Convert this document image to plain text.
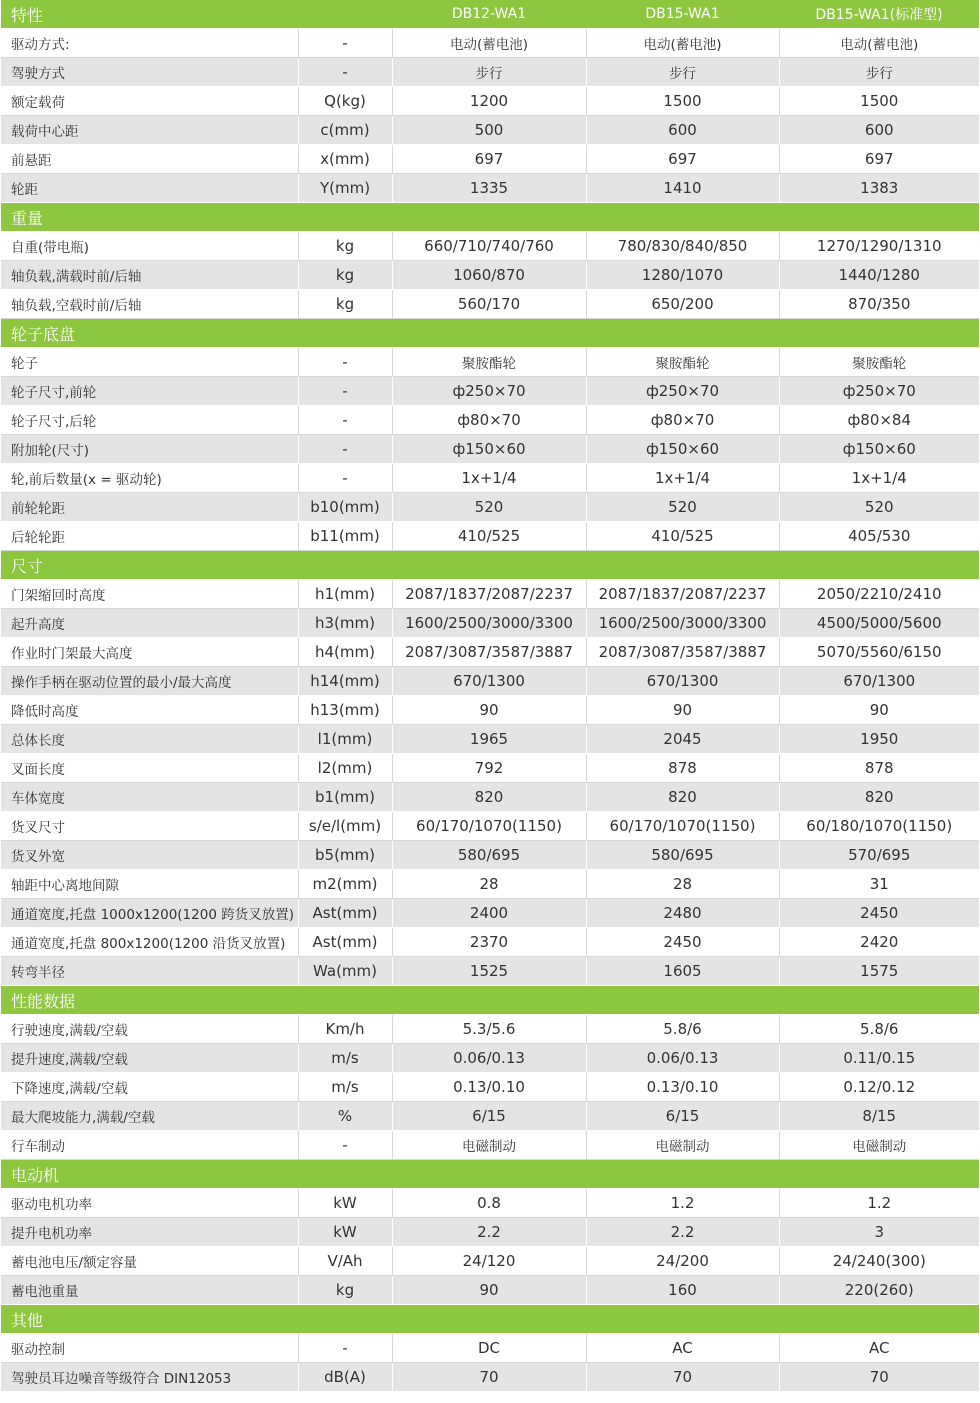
特性		DB12-WA1	DB15-WA1	DB15-WA1(标准型)
驱动方式:	-	电动(蓄电池)	电动(蓄电池)	电动(蓄电池)
驾驶方式	-	步行	步行	步行
额定载荷	Q(kg)	1200	1500	1500
载荷中心距	c(mm)	500	600	600
前悬距	x(mm)	697	697	697
轮距	Y(mm)	1335	1410	1383
重量				
自重(带电瓶)	kg	660/710/740/760	780/830/840/850	1270/1290/1310
轴负载,满载时前/后轴	kg	1060/870	1280/1070	1440/1280
轴负载,空载时前/后轴	kg	560/170	650/200	870/350
轮子底盘				
轮子	-	聚胺酯轮	聚胺酯轮	聚胺酯轮
轮子尺寸,前轮	-	ф250×70	ф250×70	ф250×70
轮子尺寸,后轮	-	ф80×70	ф80×70	ф80×84
附加轮(尺寸)	-	ф150×60	ф150×60	ф150×60
轮,前后数量(x = 驱动轮)	-	1x+1/4	1x+1/4	1x+1/4
前轮轮距	b10(mm)	520	520	520
后轮轮距	b11(mm)	410/525	410/525	405/530
尺寸				
门架缩回时高度	h1(mm)	2087/1837/2087/2237	2087/1837/2087/2237	2050/2210/2410
起升高度	h3(mm)	1600/2500/3000/3300	1600/2500/3000/3300	4500/5000/5600
作业时门架最大高度	h4(mm)	2087/3087/3587/3887	2087/3087/3587/3887	5070/5560/6150
操作手柄在驱动位置的最小/最大高度	h14(mm)	670/1300	670/1300	670/1300
降低时高度	h13(mm)	90	90	90
总体长度	l1(mm)	1965	2045	1950
叉面长度	l2(mm)	792	878	878
车体宽度	b1(mm)	820	820	820
货叉尺寸	s/e/l(mm)	60/170/1070(1150)	60/170/1070(1150)	60/180/1070(1150)
货叉外宽	b5(mm)	580/695	580/695	570/695
轴距中心离地间隙	m2(mm)	28	28	31
通道宽度,托盘 1000x1200(1200 跨货叉放置)	Ast(mm)	2400	2480	2450
通道宽度,托盘 800x1200(1200 沿货叉放置)	Ast(mm)	2370	2450	2420
转弯半径	Wa(mm)	1525	1605	1575
性能数据				
行驶速度,满载/空载	Km/h	5.3/5.6	5.8/6	5.8/6
提升速度,满载/空载	m/s	0.06/0.13	0.06/0.13	0.11/0.15
下降速度,满载/空载	m/s	0.13/0.10	0.13/0.10	0.12/0.12
最大爬坡能力,满载/空载	%	6/15	6/15	8/15
行车制动	-	电磁制动	电磁制动	电磁制动
电动机				
驱动电机功率	kW	0.8	1.2	1.2
提升电机功率	kW	2.2	2.2	3
蓄电池电压/额定容量	V/Ah	24/120	24/200	24/240(300)
蓄电池重量	kg	90	160	220(260)
其他				
驱动控制	-	DC	AC	AC
驾驶员耳边噪音等级符合 DIN12053	dB(A)	70	70	70
